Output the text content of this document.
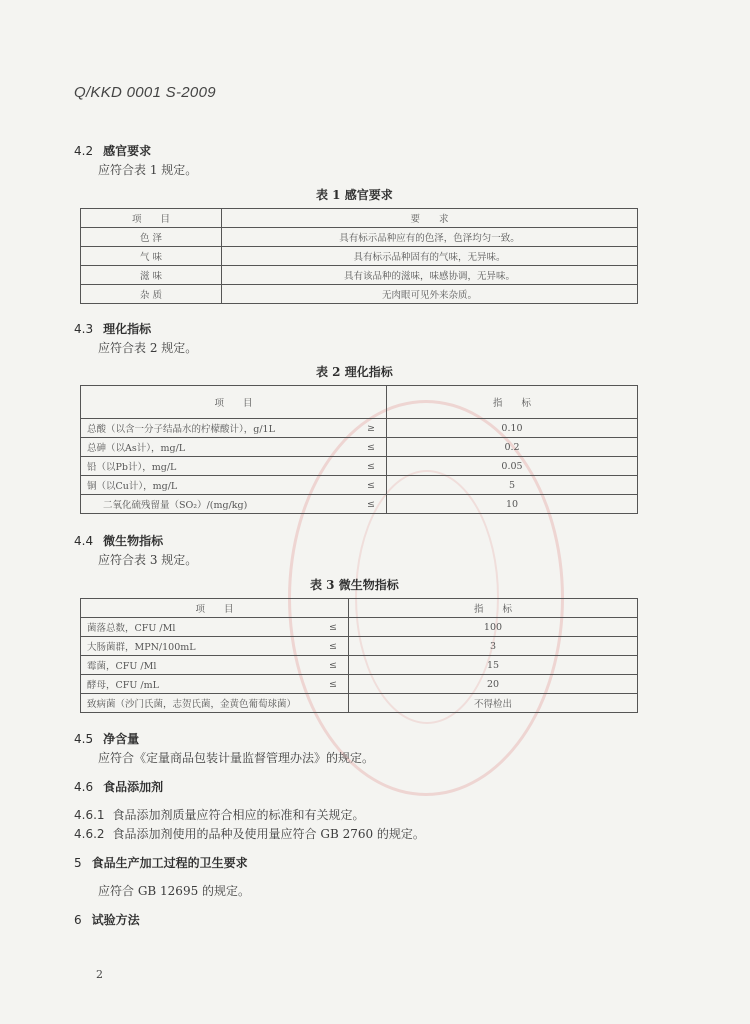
Q/KKD 0001 S-2009
4.2 感官要求
应符合表 1 规定。
表 1 感官要求
项　　目	要　　求
色 泽	具有标示品种应有的色泽，色泽均匀一致。
气 味	具有标示品种固有的气味，无异味。
滋 味	具有该品种的滋味，味感协调，无异味。
杂 质	无肉眼可见外来杂质。
4.3 理化指标
应符合表 2 规定。
表 2 理化指标
项　　目		指　　标
总酸（以含一分子结晶水的柠檬酸计），g/1L	≥	0.10
总砷（以As计），mg/L	≤	0.2
铅（以Pb计），mg/L	≤	0.05
铜（以Cu计），mg/L	≤	5
二氧化硫残留量（SO₂）/(mg/kg)	≤	10
4.4 微生物指标
应符合表 3 规定。
表 3 微生物指标
项　　目		指　　标
菌落总数，CFU /Ml	≤	100
大肠菌群，MPN/100mL	≤	3
霉菌，CFU /Ml	≤	15
酵母，CFU /mL	≤	20
致病菌（沙门氏菌，志贺氏菌，金黄色葡萄球菌）		不得检出
4.5 净含量
应符合《定量商品包装计量监督管理办法》的规定。
4.6 食品添加剂
4.6.1 食品添加剂质量应符合相应的标准和有关规定。
4.6.2 食品添加剂使用的品种及使用量应符合 GB 2760 的规定。
5 食品生产加工过程的卫生要求
应符合 GB 12695 的规定。
6 试验方法
2
